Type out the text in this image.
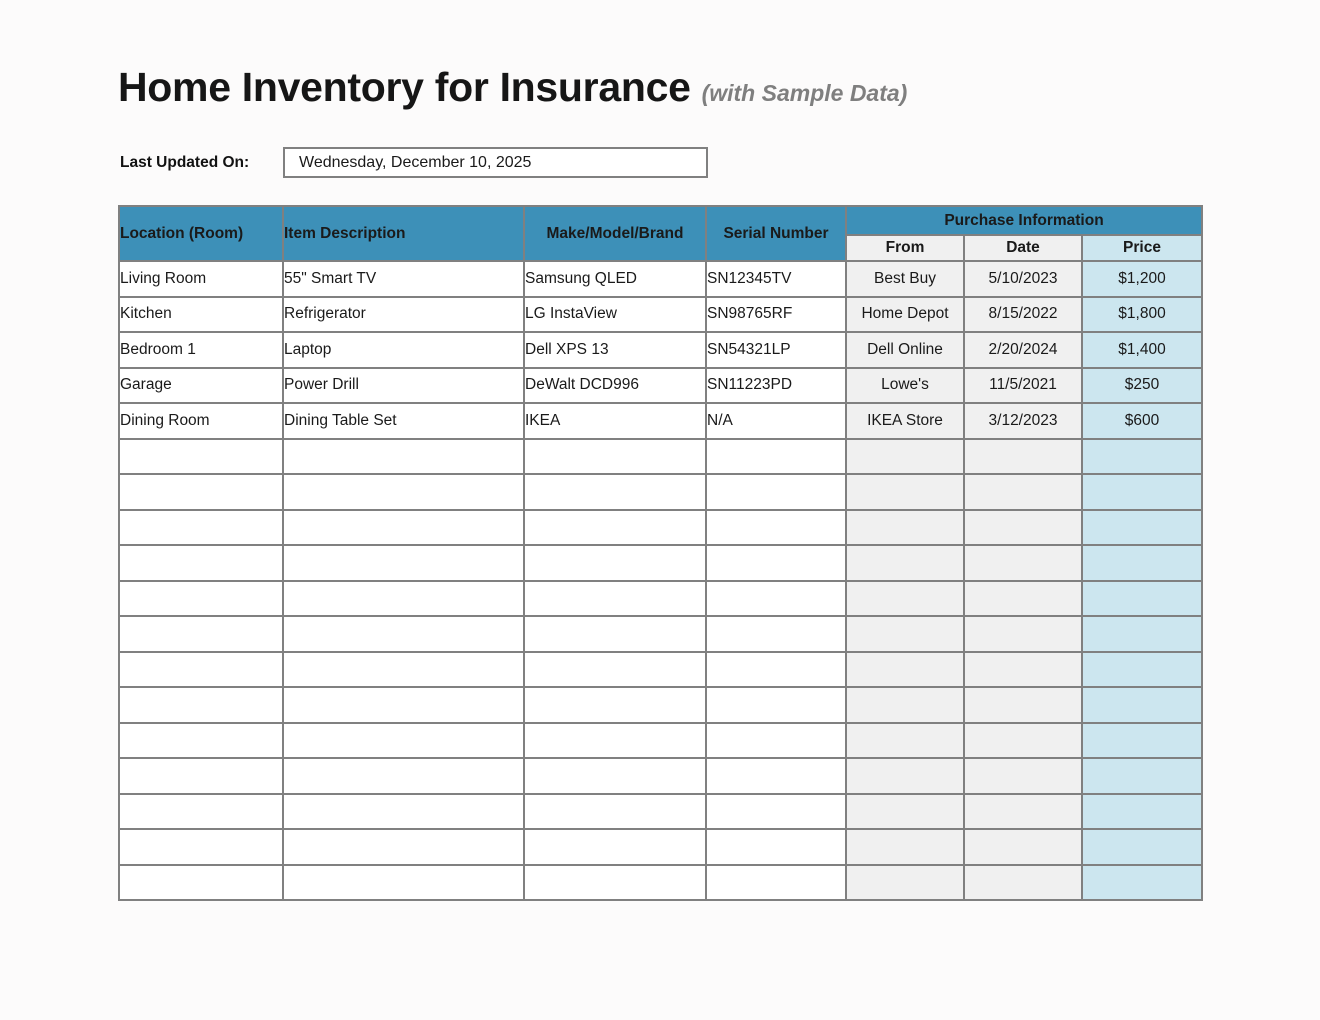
Home Inventory for Insurance (with Sample Data)
Last Updated On:	Wednesday, December 10, 2025
Location (Room)	Item Description	Make/Model/Brand	Serial Number	Purchase Information		
				From	Date	Price
Living Room	55" Smart TV	Samsung QLED	SN12345TV	Best Buy	5/10/2023	$1,200
Kitchen	Refrigerator	LG InstaView	SN98765RF	Home Depot	8/15/2022	$1,800
Bedroom 1	Laptop	Dell XPS 13	SN54321LP	Dell Online	2/20/2024	$1,400
Garage	Power Drill	DeWalt DCD996	SN11223PD	Lowe's	11/5/2021	$250
Dining Room	Dining Table Set	IKEA	N/A	IKEA Store	3/12/2023	$600
